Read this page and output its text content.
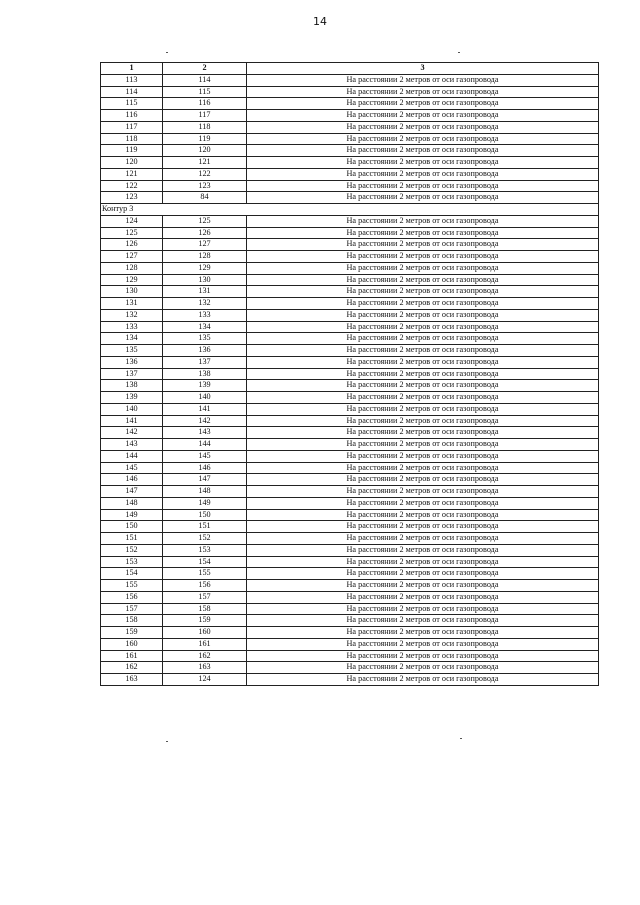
14
1	2	3
113	114	На расстоянии 2 метров от оси газопровода
114	115	На расстоянии 2 метров от оси газопровода
115	116	На расстоянии 2 метров от оси газопровода
116	117	На расстоянии 2 метров от оси газопровода
117	118	На расстоянии 2 метров от оси газопровода
118	119	На расстоянии 2 метров от оси газопровода
119	120	На расстоянии 2 метров от оси газопровода
120	121	На расстоянии 2 метров от оси газопровода
121	122	На расстоянии 2 метров от оси газопровода
122	123	На расстоянии 2 метров от оси газопровода
123	84	На расстоянии 2 метров от оси газопровода
Контур 3		
124	125	На расстоянии 2 метров от оси газопровода
125	126	На расстоянии 2 метров от оси газопровода
126	127	На расстоянии 2 метров от оси газопровода
127	128	На расстоянии 2 метров от оси газопровода
128	129	На расстоянии 2 метров от оси газопровода
129	130	На расстоянии 2 метров от оси газопровода
130	131	На расстоянии 2 метров от оси газопровода
131	132	На расстоянии 2 метров от оси газопровода
132	133	На расстоянии 2 метров от оси газопровода
133	134	На расстоянии 2 метров от оси газопровода
134	135	На расстоянии 2 метров от оси газопровода
135	136	На расстоянии 2 метров от оси газопровода
136	137	На расстоянии 2 метров от оси газопровода
137	138	На расстоянии 2 метров от оси газопровода
138	139	На расстоянии 2 метров от оси газопровода
139	140	На расстоянии 2 метров от оси газопровода
140	141	На расстоянии 2 метров от оси газопровода
141	142	На расстоянии 2 метров от оси газопровода
142	143	На расстоянии 2 метров от оси газопровода
143	144	На расстоянии 2 метров от оси газопровода
144	145	На расстоянии 2 метров от оси газопровода
145	146	На расстоянии 2 метров от оси газопровода
146	147	На расстоянии 2 метров от оси газопровода
147	148	На расстоянии 2 метров от оси газопровода
148	149	На расстоянии 2 метров от оси газопровода
149	150	На расстоянии 2 метров от оси газопровода
150	151	На расстоянии 2 метров от оси газопровода
151	152	На расстоянии 2 метров от оси газопровода
152	153	На расстоянии 2 метров от оси газопровода
153	154	На расстоянии 2 метров от оси газопровода
154	155	На расстоянии 2 метров от оси газопровода
155	156	На расстоянии 2 метров от оси газопровода
156	157	На расстоянии 2 метров от оси газопровода
157	158	На расстоянии 2 метров от оси газопровода
158	159	На расстоянии 2 метров от оси газопровода
159	160	На расстоянии 2 метров от оси газопровода
160	161	На расстоянии 2 метров от оси газопровода
161	162	На расстоянии 2 метров от оси газопровода
162	163	На расстоянии 2 метров от оси газопровода
163	124	На расстоянии 2 метров от оси газопровода
